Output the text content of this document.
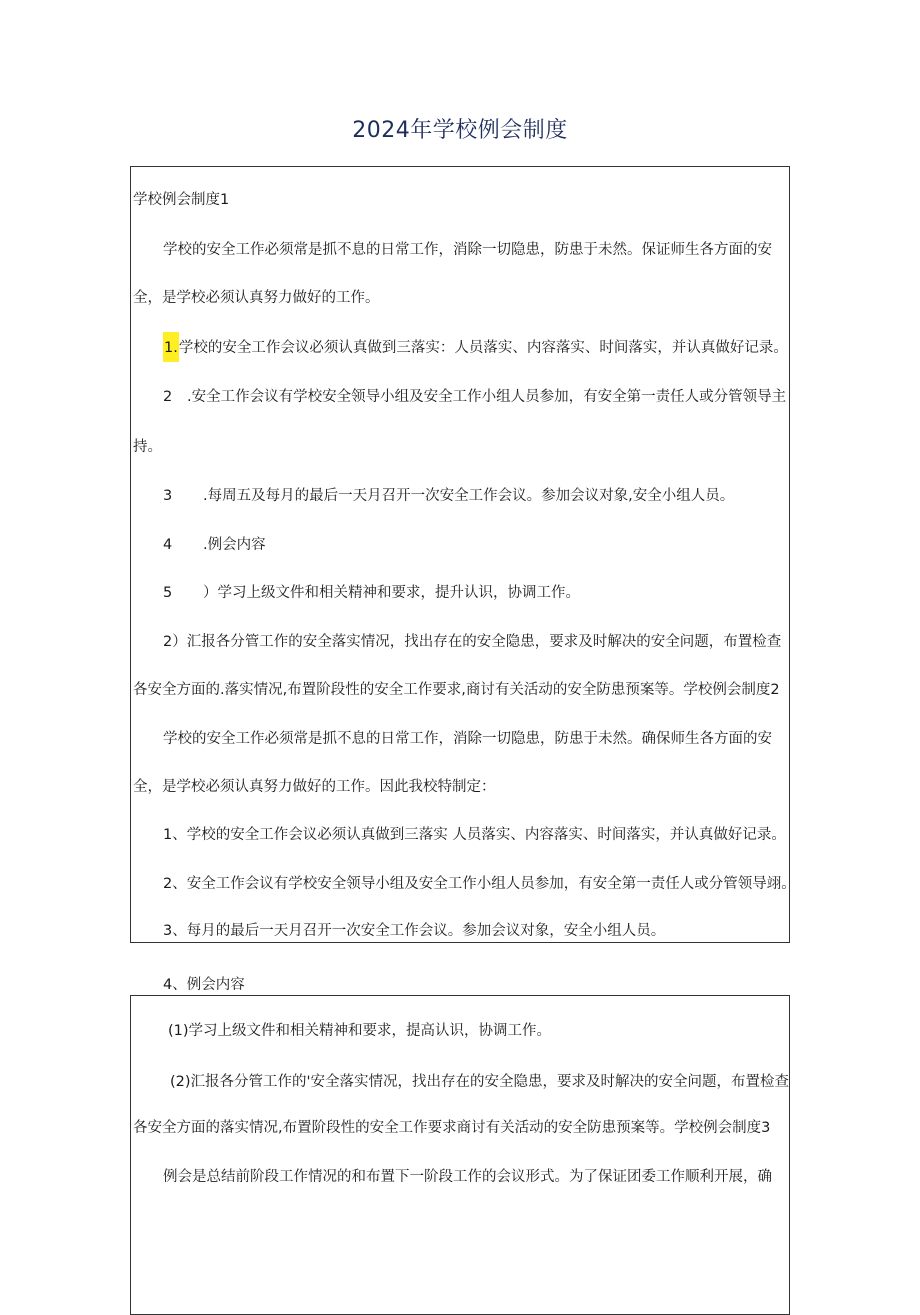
2024年学校例会制度
学校例会制度1
学校的安全工作必须常是抓不息的日常工作，消除一切隐患，防患于未然。保证师生各方面的安
全，是学校必须认真努力做好的工作。
1.学校的安全工作会议必须认真做到三落实：人员落实、内容落实、时间落实，并认真做好记录。
2 .安全工作会议有学校安全领导小组及安全工作小组人员参加，有安全第一责任人或分管领导主
持。
3 .每周五及每月的最后一天月召开一次安全工作会议。参加会议对象,安全小组人员。
4 .例会内容
5 ）学习上级文件和相关精神和要求，提升认识，协调工作。
2）汇报各分管工作的安全落实情况，找出存在的安全隐患，要求及时解决的安全问题，布置检查
各安全方面的.落实情况,布置阶段性的安全工作要求,商讨有关活动的安全防患预案等。学校例会制度2
学校的安全工作必须常是抓不息的日常工作，消除一切隐患，防患于未然。确保师生各方面的安
全，是学校必须认真努力做好的工作。因此我校特制定：
1、学校的安全工作会议必须认真做到三落实 人员落实、内容落实、时间落实，并认真做好记录。
2、安全工作会议有学校安全领导小组及安全工作小组人员参加，有安全第一责任人或分管领导翊。
3、每月的最后一天月召开一次安全工作会议。参加会议对象，安全小组人员。
4、例会内容
(1)学习上级文件和相关精神和要求，提高认识，协调工作。
(2)汇报各分管工作的'安全落实情况，找出存在的安全隐患，要求及时解决的安全问题，布置检查
各安全方面的落实情况,布置阶段性的安全工作要求商讨有关活动的安全防患预案等。学校例会制度3
例会是总结前阶段工作情况的和布置下一阶段工作的会议形式。为了保证团委工作顺利开展，确
